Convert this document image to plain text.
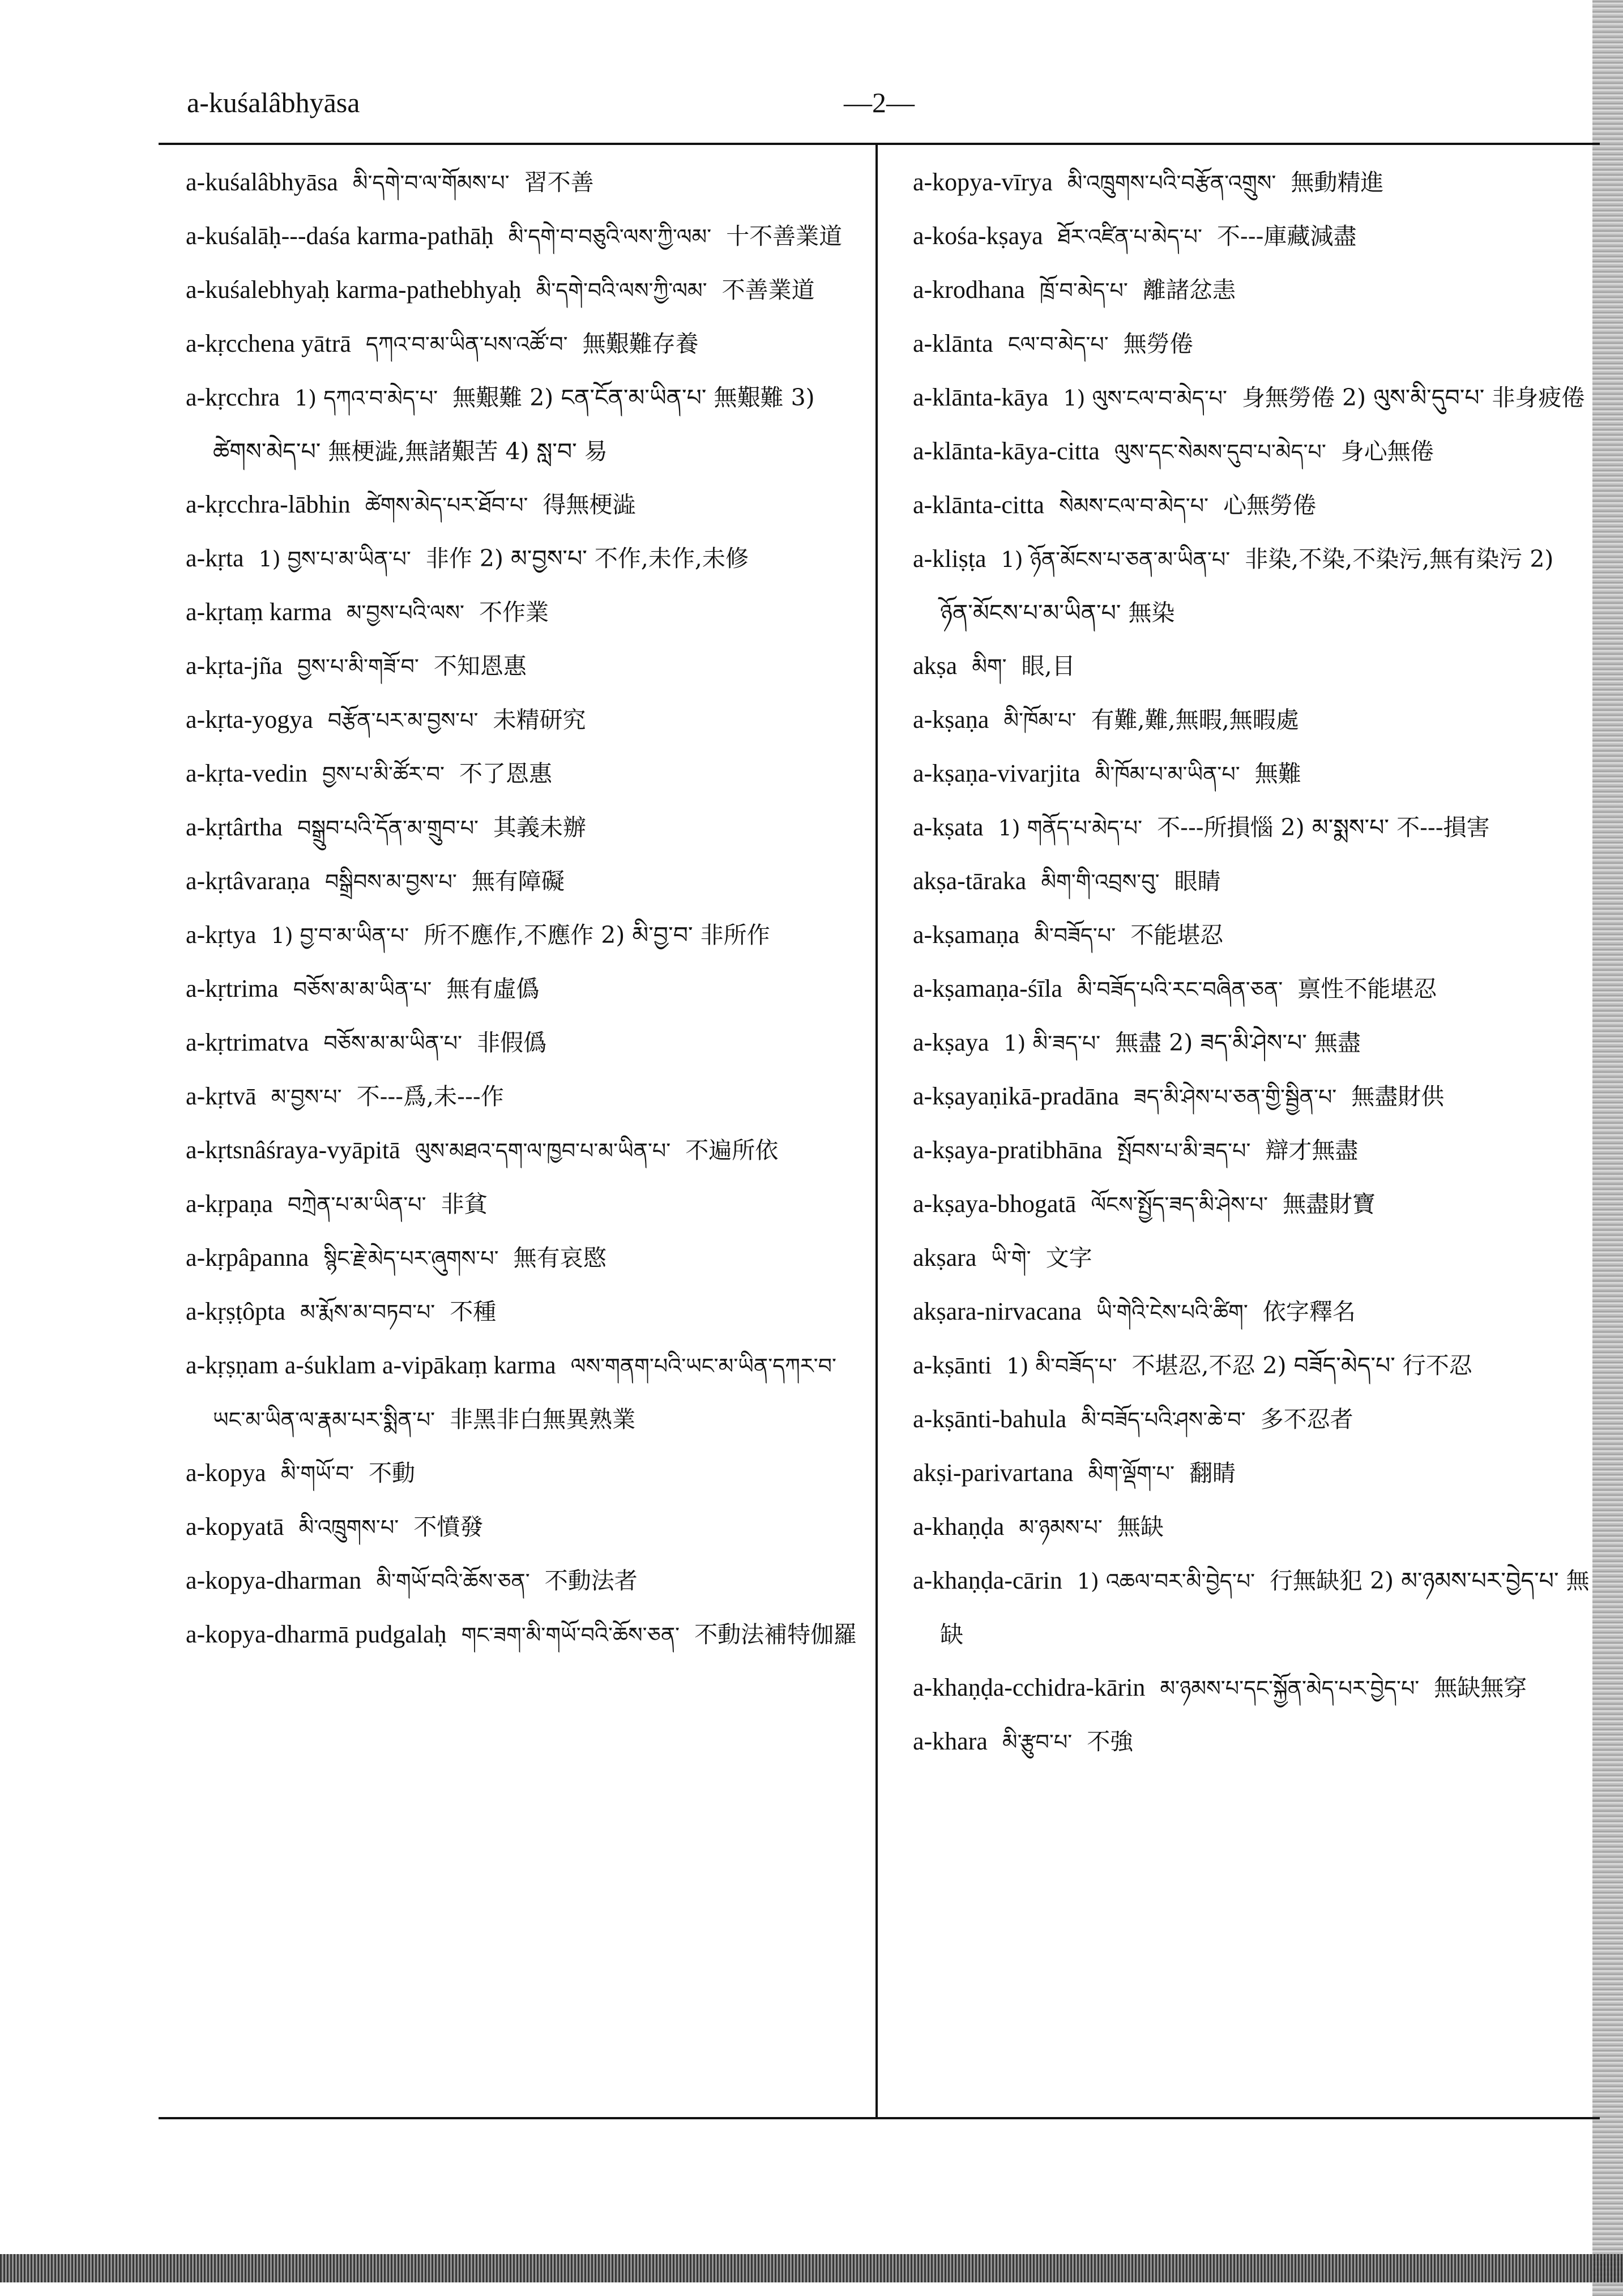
a-kuśalâbhyāsa	—2—

a-kuśalâbhyāsa མི་དགེ་བ་ལ་གོམས་པ་ 習不善

a-kuśalāḥ---daśa karma-pathāḥ མི་དགེ་བ་བཅུའི་ལས་ཀྱི་ལམ་ 十不善業道

a-kuśalebhyaḥ karma-pathebhyaḥ མི་དགེ་བའི་ལས་ཀྱི་ལམ་ 不善業道

a-kṛcchena yātrā དཀའ་བ་མ་ཡིན་པས་འཚོ་བ་ 無艱難存養

a-kṛcchra 1) དཀའ་བ་མེད་པ་ 無艱難 2) ངན་ངོན་མ་ཡིན་པ་ 無艱難 3) ཚེགས་མེད་པ་ 無梗澁,無諸艱苦 4) སླ་བ་ 易

a-kṛcchra-lābhin ཚེགས་མེད་པར་ཐོབ་པ་ 得無梗澁

a-kṛta 1) བྱས་པ་མ་ཡིན་པ་ 非作 2) མ་བྱས་པ་ 不作,未作,未修

a-kṛtaṃ karma མ་བྱས་པའི་ལས་ 不作業

a-kṛta-jña བྱས་པ་མི་གཟོ་བ་ 不知恩惠

a-kṛta-yogya བརྩོན་པར་མ་བྱས་པ་ 未精研究

a-kṛta-vedin བྱས་པ་མི་ཚོར་བ་ 不了恩惠

a-kṛtârtha བསྒྲུབ་པའི་དོན་མ་གྲུབ་པ་ 其義未辦

a-kṛtâvaraṇa བསྒྲིབས་མ་བྱས་པ་ 無有障礙

a-kṛtya 1) བྱ་བ་མ་ཡིན་པ་ 所不應作,不應作 2) མི་བྱ་བ་ 非所作

a-kṛtrima བཅོས་མ་མ་ཡིན་པ་ 無有虛僞

a-kṛtrimatva བཅོས་མ་མ་ཡིན་པ་ 非假僞

a-kṛtvā མ་བྱས་པ་ 不---爲,未---作

a-kṛtsnâśraya-vyāpitā ལུས་མཐའ་དག་ལ་ཁྱབ་པ་མ་ཡིན་པ་ 不遍所依

a-kṛpaṇa བཀྲེན་པ་མ་ཡིན་པ་ 非貧

a-kṛpâpanna སྙིང་རྗེ་མེད་པར་ཞུགས་པ་ 無有哀愍

a-kṛṣṭôpta མ་རྨོས་མ་བཏབ་པ་ 不種

a-kṛṣṇam a-śuklam a-vipākaṃ karma ལས་གནག་པའི་ཡང་མ་ཡིན་དཀར་བ་ཡང་མ་ཡིན་ལ་རྣམ་པར་སྨིན་པ་ 非黑非白無異熟業

a-kopya མི་གཡོ་བ་ 不動

a-kopyatā མི་འཁྲུགས་པ་ 不憤發

a-kopya-dharman མི་གཡོ་བའི་ཆོས་ཅན་ 不動法者

a-kopya-dharmā pudgalaḥ གང་ཟག་མི་གཡོ་བའི་ཆོས་ཅན་ 不動法補特伽羅

a-kopya-vīrya མི་འཁྲུགས་པའི་བརྩོན་འགྲུས་ 無動精進

a-kośa-kṣaya ཐོར་འཛིན་པ་མེད་པ་ 不---庫藏減盡

a-krodhana ཁྲོ་བ་མེད་པ་ 離諸忿恚

a-klānta ངལ་བ་མེད་པ་ 無勞倦

a-klānta-kāya 1) ལུས་ངལ་བ་མེད་པ་ 身無勞倦 2) ལུས་མི་དུབ་པ་ 非身疲倦

a-klānta-kāya-citta ལུས་དང་སེམས་དུབ་པ་མེད་པ་ 身心無倦

a-klānta-citta སེམས་ངལ་བ་མེད་པ་ 心無勞倦

a-kliṣṭa 1) ཉོན་མོངས་པ་ཅན་མ་ཡིན་པ་ 非染,不染,不染污,無有染污 2) ཉོན་མོངས་པ་མ་ཡིན་པ་ 無染

akṣa མིག་ 眼,目

a-kṣaṇa མི་ཁོམ་པ་ 有難,難,無暇,無暇處

a-kṣaṇa-vivarjita མི་ཁོམ་པ་མ་ཡིན་པ་ 無難

a-kṣata 1) གནོད་པ་མེད་པ་ 不---所損惱 2) མ་སྨས་པ་ 不---損害

akṣa-tāraka མིག་གི་འབྲས་བུ་ 眼睛

a-kṣamaṇa མི་བཟོད་པ་ 不能堪忍

a-kṣamaṇa-śīla མི་བཟོད་པའི་རང་བཞིན་ཅན་ 禀性不能堪忍

a-kṣaya 1) མི་ཟད་པ་ 無盡 2) ཟད་མི་ཤེས་པ་ 無盡

a-kṣayaṇikā-pradāna ཟད་མི་ཤེས་པ་ཅན་གྱི་སྦྱིན་པ་ 無盡財供

a-kṣaya-pratibhāna སྤོབས་པ་མི་ཟད་པ་ 辯才無盡

a-kṣaya-bhogatā ལོངས་སྤྱོད་ཟད་མི་ཤེས་པ་ 無盡財寶

akṣara ཡི་གེ་ 文字

akṣara-nirvacana ཡི་གེའི་ངེས་པའི་ཚིག་ 依字釋名

a-kṣānti 1) མི་བཟོད་པ་ 不堪忍,不忍 2) བཟོད་མེད་པ་ 行不忍

a-kṣānti-bahula མི་བཟོད་པའི་ཤས་ཆེ་བ་ 多不忍者

akṣi-parivartana མིག་ལྡོག་པ་ 翻睛

a-khaṇḍa མ་ཉམས་པ་ 無缺

a-khaṇḍa-cārin 1) འཆལ་བར་མི་བྱེད་པ་ 行無缺犯 2) མ་ཉམས་པར་བྱེད་པ་ 無缺

a-khaṇḍa-cchidra-kārin མ་ཉམས་པ་དང་སྐྱོན་མེད་པར་བྱེད་པ་ 無缺無穿

a-khara མི་རྩུབ་པ་ 不強
